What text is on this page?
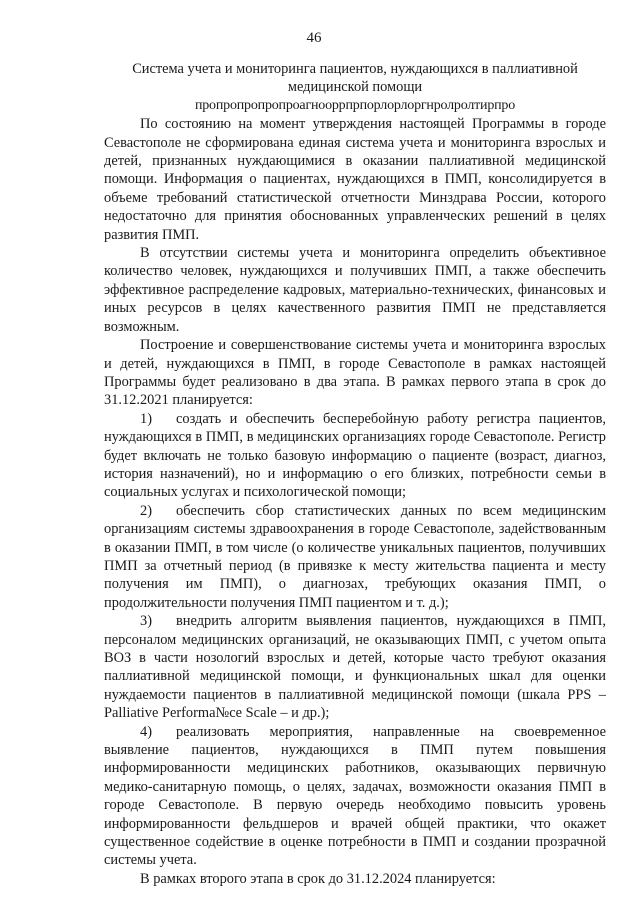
46

Система учета и мониторинга пациентов, нуждающихся в паллиативной
медицинской помощи

пропропропропроагнооррпрпорлорлоргнролролтирпро

По состоянию на момент утверждения настоящей Программы в городе Севастополе не сформирована единая система учета и мониторинга взрослых и детей, признанных нуждающимися в оказании паллиативной медицинской помощи. Информация о пациентах, нуждающихся в ПМП, консолидируется в объеме требований статистической отчетности Минздрава России, которого недостаточно для принятия обоснованных управленческих решений в целях развития ПМП.

В отсутствии системы учета и мониторинга определить объективное количество человек, нуждающихся и получивших ПМП, а также обеспечить эффективное распределение кадровых, материально-технических, финансовых и иных ресурсов в целях качественного развития ПМП не представляется возможным.

Построение и совершенствование системы учета и мониторинга взрослых и детей, нуждающихся в ПМП, в городе Севастополе в рамках настоящей Программы будет реализовано в два этапа. В рамках первого этапа в срок до 31.12.2021 планируется:

1) создать и обеспечить бесперебойную работу регистра пациентов, нуждающихся в ПМП, в медицинских организациях городе Севастополе. Регистр будет включать не только базовую информацию о пациенте (возраст, диагноз, история назначений), но и информацию о его близких, потребности семьи в социальных услугах и психологической помощи;

2) обеспечить сбор статистических данных по всем медицинским организациям системы здравоохранения в городе Севастополе, задействованным в оказании ПМП, в том числе (о количестве уникальных пациентов, получивших ПМП за отчетный период (в привязке к месту жительства пациента и месту получения им ПМП), о диагнозах, требующих оказания ПМП, о продолжительности получения ПМП пациентом и т. д.);

3) внедрить алгоритм выявления пациентов, нуждающихся в ПМП, персоналом медицинских организаций, не оказывающих ПМП, с учетом опыта ВОЗ в части нозологий взрослых и детей, которые часто требуют оказания паллиативной медицинской помощи, и функциональных шкал для оценки нуждаемости пациентов в паллиативной медицинской помощи (шкала PPS – Palliative Performa№ce Scale – и др.);

4) реализовать мероприятия, направленные на своевременное выявление пациентов, нуждающихся в ПМП путем повышения информированности медицинских работников, оказывающих первичную медико-санитарную помощь, о целях, задачах, возможности оказания ПМП в городе Севастополе. В первую очередь необходимо повысить уровень информированности фельдшеров и врачей общей практики, что окажет существенное содействие в оценке потребности в ПМП и создании прозрачной системы учета.

В рамках второго этапа в срок до 31.12.2024 планируется:
